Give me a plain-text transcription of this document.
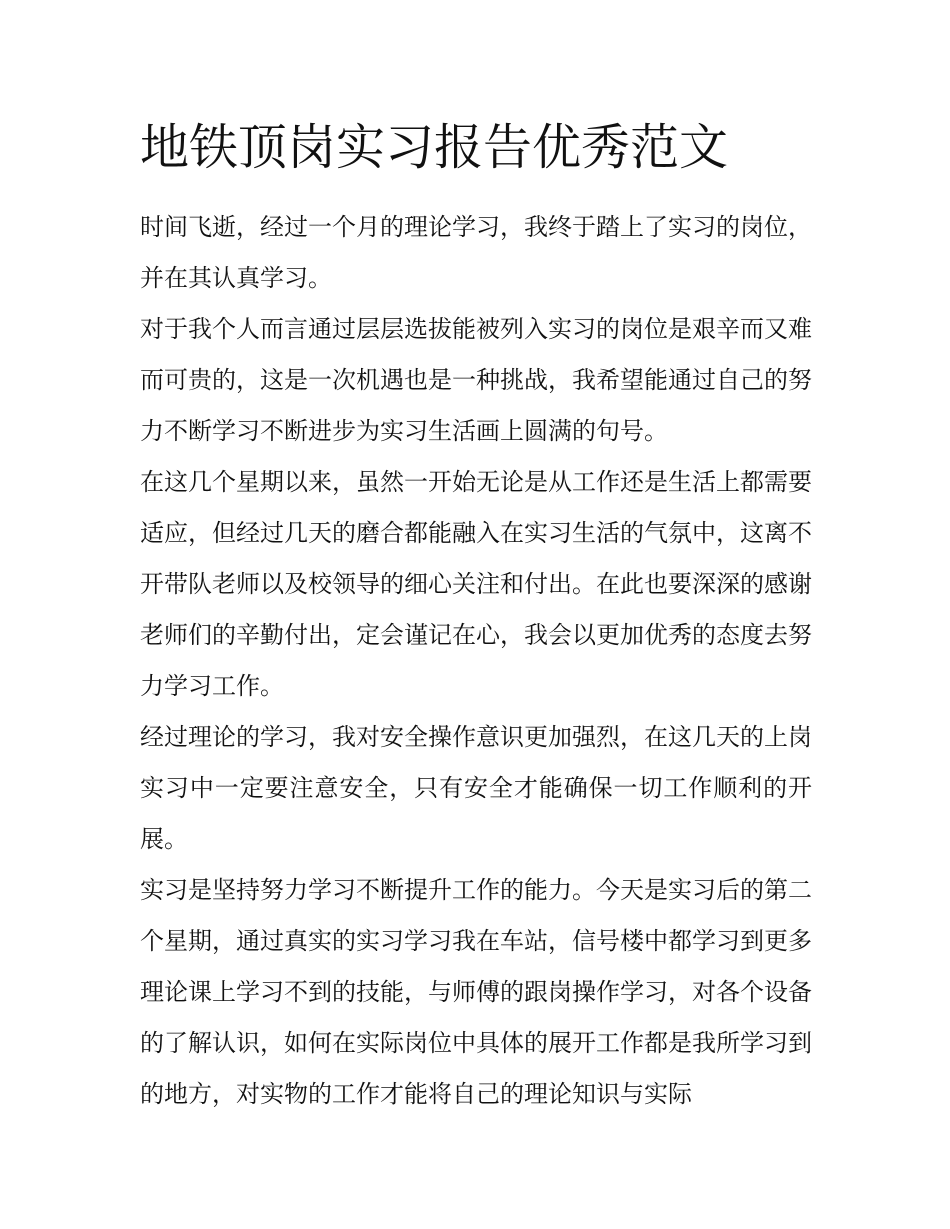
地铁顶岗实习报告优秀范文

时间飞逝，经过一个月的理论学习，我终于踏上了实习的岗位，并在其认真学习。

对于我个人而言通过层层选拔能被列入实习的岗位是艰辛而又难而可贵的，这是一次机遇也是一种挑战，我希望能通过自己的努力不断学习不断进步为实习生活画上圆满的句号。

在这几个星期以来，虽然一开始无论是从工作还是生活上都需要适应，但经过几天的磨合都能融入在实习生活的气氛中，这离不开带队老师以及校领导的细心关注和付出。在此也要深深的感谢老师们的辛勤付出，定会谨记在心，我会以更加优秀的态度去努力学习工作。

经过理论的学习，我对安全操作意识更加强烈，在这几天的上岗实习中一定要注意安全，只有安全才能确保一切工作顺利的开展。

实习是坚持努力学习不断提升工作的能力。今天是实习后的第二个星期，通过真实的实习学习我在车站，信号楼中都学习到更多理论课上学习不到的技能，与师傅的跟岗操作学习，对各个设备的了解认识，如何在实际岗位中具体的展开工作都是我所学习到的地方，对实物的工作才能将自己的理论知识与实际
